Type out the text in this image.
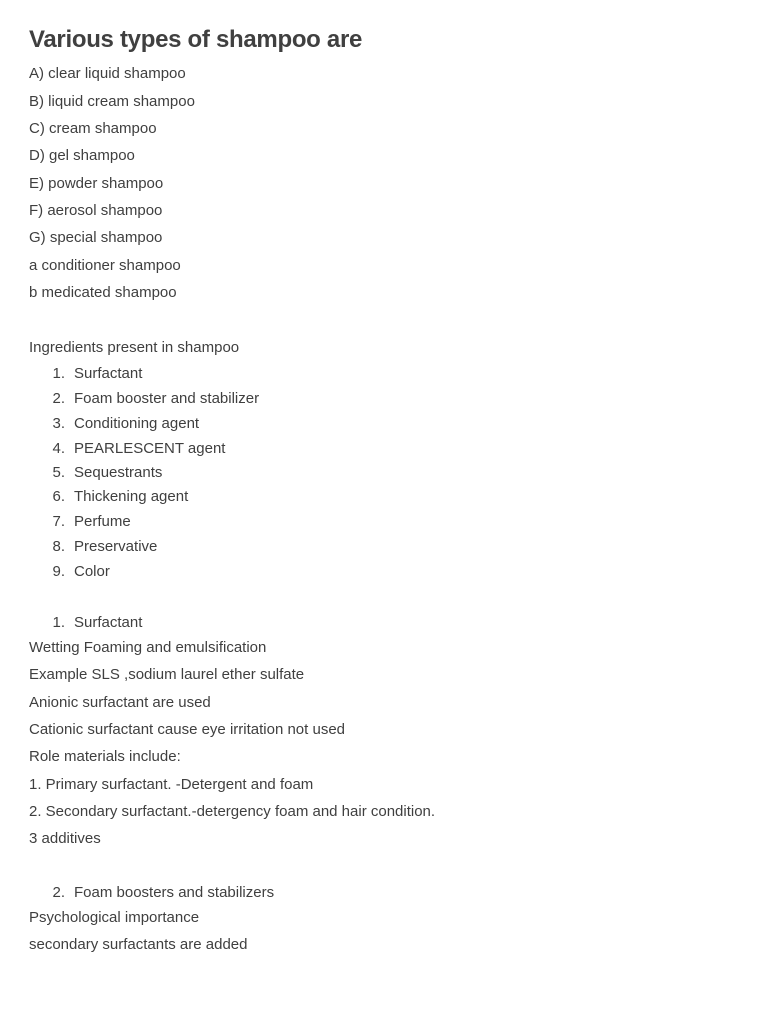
Various types of shampoo are

A) clear liquid shampoo

B) liquid cream shampoo

C) cream shampoo

D) gel shampoo

E) powder shampoo

F) aerosol shampoo

G) special shampoo

a conditioner shampoo

b medicated shampoo

Ingredients present in shampoo

1. Surfactant

2. Foam booster and stabilizer

3. Conditioning agent

4. PEARLESCENT agent

5. Sequestrants

6. Thickening agent

7. Perfume

8. Preservative

9. Color

1. Surfactant

Wetting Foaming and emulsification

Example SLS ,sodium laurel ether sulfate

Anionic surfactant are used

Cationic surfactant cause eye irritation not used

Role materials include:

1. Primary surfactant. -Detergent and foam

2. Secondary surfactant.-detergency foam and hair condition.

3 additives

2. Foam boosters and stabilizers

Psychological importance

secondary surfactants are added
